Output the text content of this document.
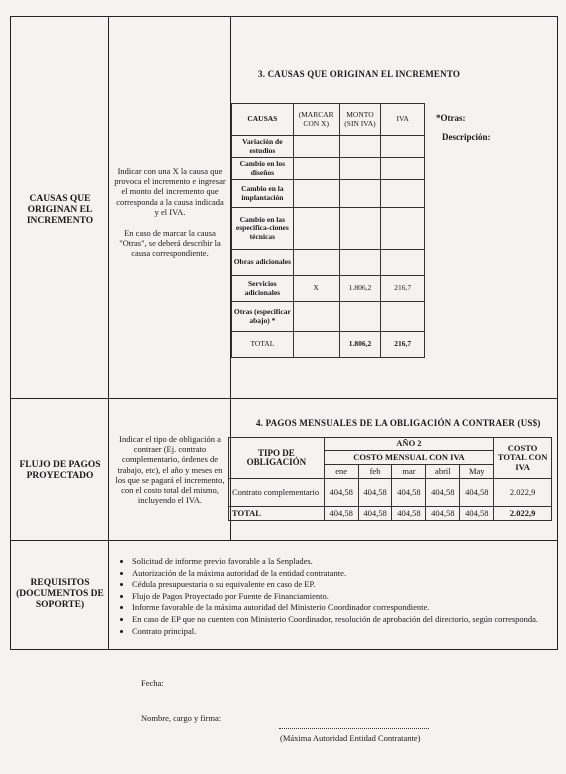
CAUSAS QUE ORIGINAN EL INCREMENTO
Indicar con una X la causa que provoca el incremento e ingresar el monto del incremento que corresponda a la causa indicada y el IVA.
En caso de marcar la causa "Otras", se deberá describir la causa correspondiente.
3. CAUSAS QUE ORIGINAN EL INCREMENTO
*Otras:
Descripción:
CAUSAS	(MARCAR CON X)	MONTO (SIN IVA)	IVA
Variación de estudios			
Cambio en los diseños			
Cambio en la implantación			
Cambio en las especifica-ciones técnicas			
Obras adicionales			
Servicios adicionales	X	1.806,2	216,7
Otras (especificar abajo) *			
TOTAL		1.806,2	216,7
FLUJO DE PAGOS PROYECTADO
Indicar el tipo de obligación a contraer (Ej. contrato complementario, órdenes de trabajo, etc), el año y meses en los que se pagará el incremento, con el costo total del mismo, incluyendo el IVA.
4. PAGOS MENSUALES DE LA OBLIGACIÓN A CONTRAER (US$)
TIPO DE OBLIGACIÓN	AÑO 2					COSTO TOTAL CON IVA
	COSTO MENSUAL CON IVA					
	ene	feb	mar	abril	May	
Contrato complementario	404,58	404,58	404,58	404,58	404,58	2.022,9
TOTAL	404,58	404,58	404,58	404,58	404,58	2.022,9
REQUISITOS (DOCUMENTOS DE SOPORTE)
• Solicitud de informe previo favorable a la Senplades.
• Autorización de la máxima autoridad de la entidad contratante.
• Cédula presupuestaria o su equivalente en caso de EP.
• Flujo de Pagos Proyectado por Fuente de Financiamiento.
• Informe favorable de la máxima autoridad del Ministerio Coordinador correspondiente.
• En caso de EP que no cuenten con Ministerio Coordinador, resolución de aprobación del directorio, según corresponda.
• Contrato principal.
Fecha:
Nombre, cargo y firma:
(Máxima Autoridad Entidad Contratante)
